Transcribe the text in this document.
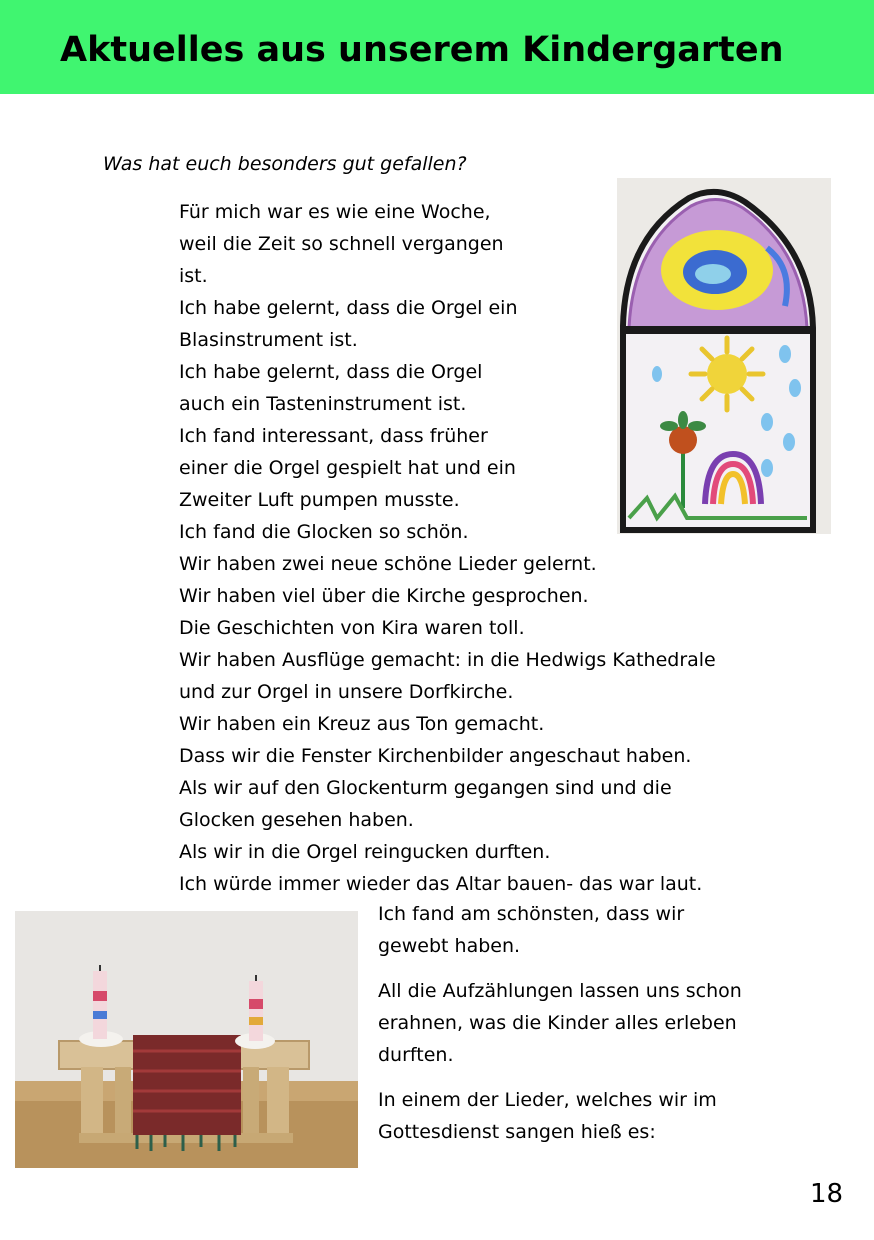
Aktuelles aus unserem Kindergarten

Was hat euch besonders gut gefallen?

Für mich war es wie eine Woche,
weil die Zeit so schnell vergangen
ist.
Ich habe gelernt, dass die Orgel ein
Blasinstrument ist.
Ich habe gelernt, dass die Orgel
auch ein Tasteninstrument ist.
Ich fand interessant, dass früher
einer die Orgel gespielt hat und ein
Zweiter Luft pumpen musste.
Ich fand die Glocken so schön.
Wir haben zwei neue schöne Lieder gelernt.
Wir haben viel über die Kirche gesprochen.
Die Geschichten von Kira waren toll.
Wir haben Ausflüge gemacht: in die Hedwigs Kathedrale
und zur Orgel in unsere Dorfkirche.
Wir haben ein Kreuz aus Ton gemacht.
Dass wir die Fenster Kirchenbilder angeschaut haben.
Als wir auf den Glockenturm gegangen sind und die
Glocken gesehen haben.
Als wir in die Orgel reingucken durften.
Ich würde immer wieder das Altar bauen- das war laut.

Ich fand am schönsten, dass wir
gewebt haben.

All die Aufzählungen lassen uns schon
erahnen, was die Kinder alles erleben
durften.

In einem der Lieder, welches wir im
Gottesdienst sangen hieß es:

18
